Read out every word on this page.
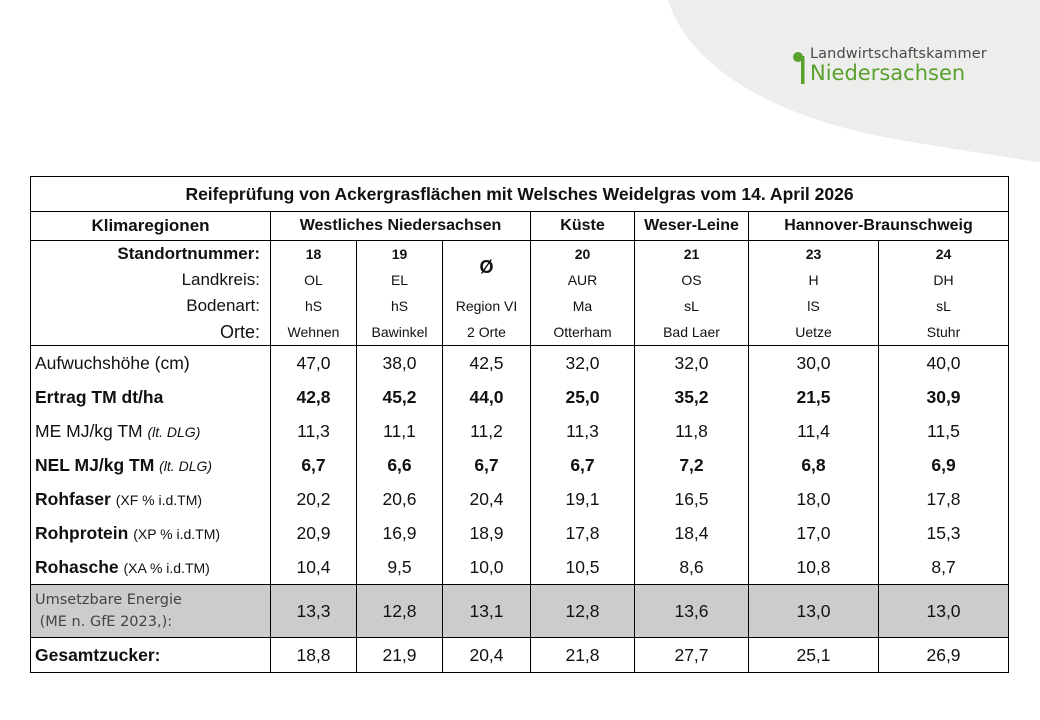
Landwirtschaftskammer
Niedersachsen
Reifeprüfung von Ackergrasflächen mit Welsches Weidelgras vom 14. April 2026							
Klimaregionen	Westliches Niedersachsen			Küste	Weser-Leine	Hannover-Braunschweig	
Standortnummer:	18	19	Ø	20	21	23	24
Landkreis:	OL	EL		AUR	OS	H	DH
Bodenart:	hS	hS	Region VI	Ma	sL	lS	sL
Orte:	Wehnen	Bawinkel	2 Orte	Otterham	Bad Laer	Uetze	Stuhr
Aufwuchshöhe (cm)	47,0	38,0	42,5	32,0	32,0	30,0	40,0
Ertrag TM dt/ha	42,8	45,2	44,0	25,0	35,2	21,5	30,9
ME MJ/kg TM (lt. DLG)	11,3	11,1	11,2	11,3	11,8	11,4	11,5
NEL MJ/kg TM (lt. DLG)	6,7	6,6	6,7	6,7	7,2	6,8	6,9
Rohfaser (XF % i.d.TM)	20,2	20,6	20,4	19,1	16,5	18,0	17,8
Rohprotein (XP % i.d.TM)	20,9	16,9	18,9	17,8	18,4	17,0	15,3
Rohasche (XA % i.d.TM)	10,4	9,5	10,0	10,5	8,6	10,8	8,7
Umsetzbare Energie
(ME n. GfE 2023,):	13,3	12,8	13,1	12,8	13,6	13,0	13,0
Gesamtzucker:	18,8	21,9	20,4	21,8	27,7	25,1	26,9
